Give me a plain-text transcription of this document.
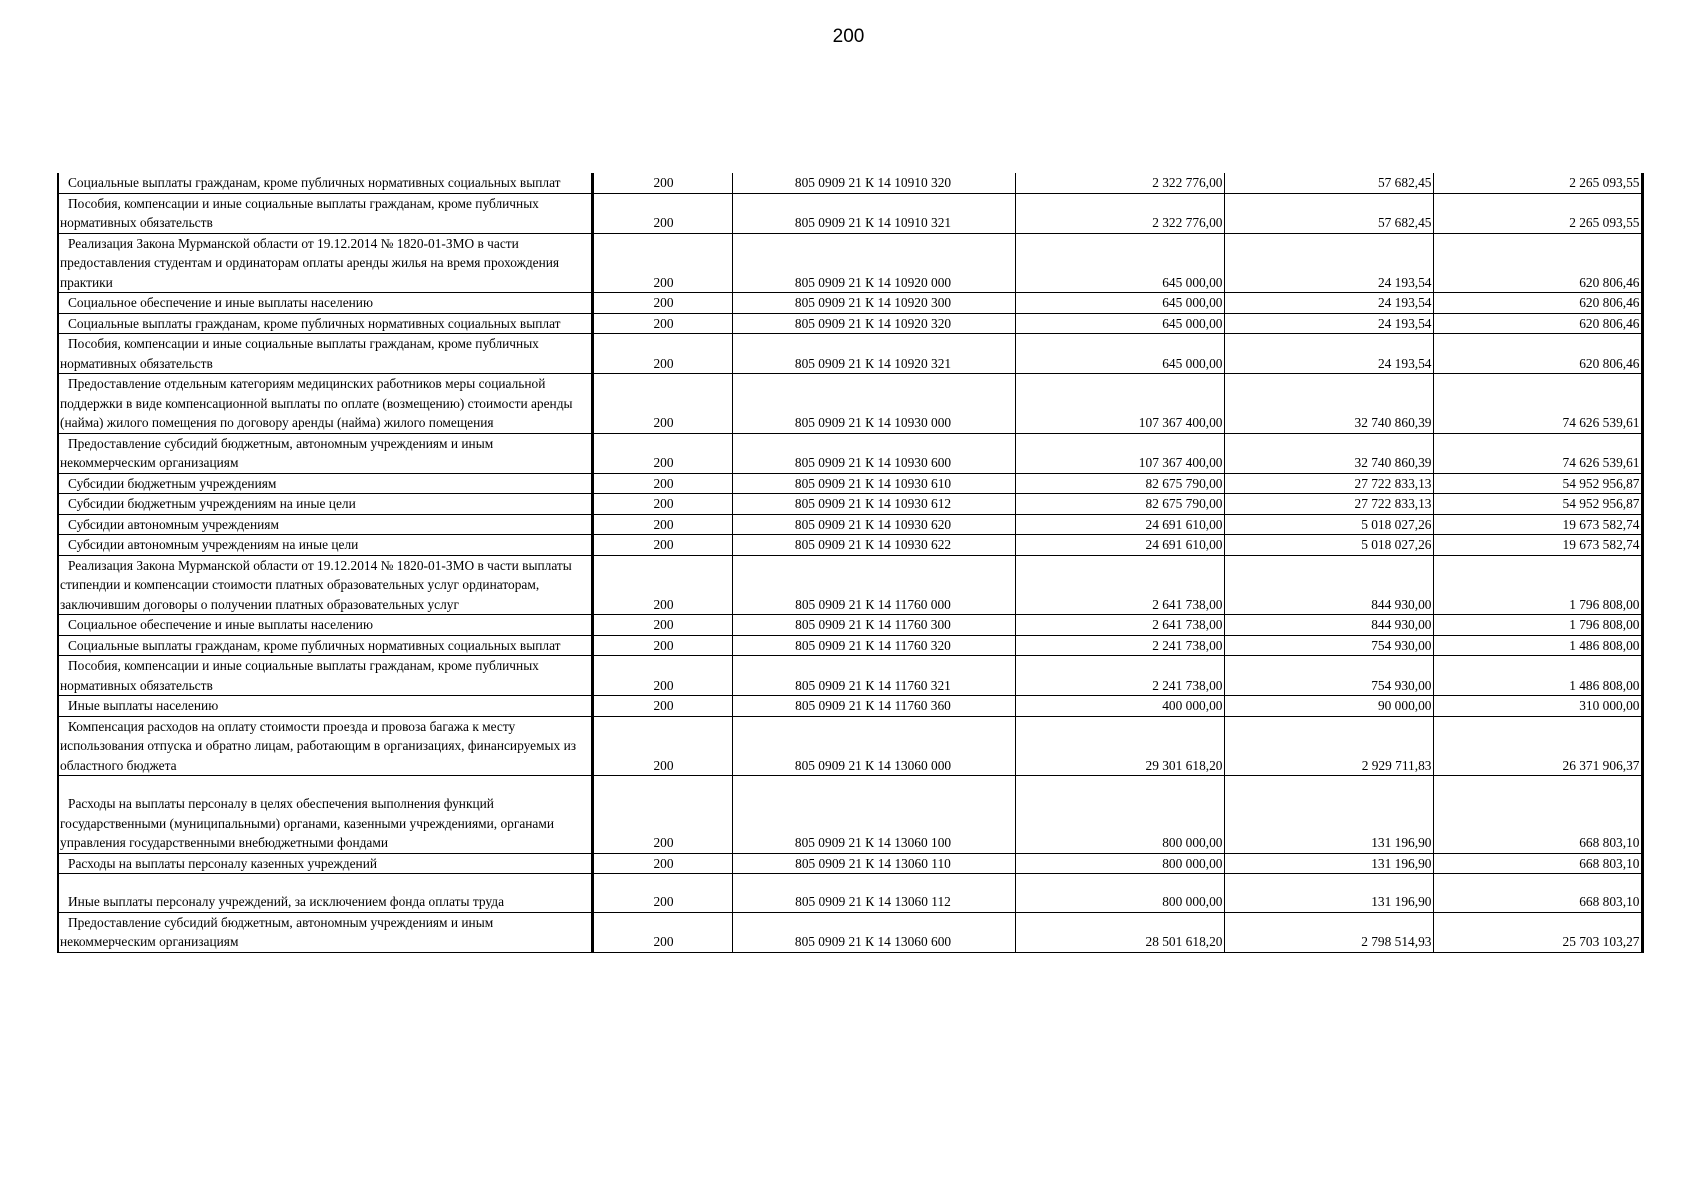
200
Социальные выплаты гражданам, кроме публичных нормативных социальных выплат	200	805 0909 21 К 14 10910 320	2 322 776,00	57 682,45	2 265 093,55
Пособия, компенсации и иные социальные выплаты гражданам, кроме публичных нормативных обязательств	200	805 0909 21 К 14 10910 321	2 322 776,00	57 682,45	2 265 093,55
Реализация Закона Мурманской области от 19.12.2014 № 1820-01-ЗМО в части предоставления студентам и ординаторам оплаты аренды жилья на время прохождения практики	200	805 0909 21 К 14 10920 000	645 000,00	24 193,54	620 806,46
Социальное обеспечение и иные выплаты населению	200	805 0909 21 К 14 10920 300	645 000,00	24 193,54	620 806,46
Социальные выплаты гражданам, кроме публичных нормативных социальных выплат	200	805 0909 21 К 14 10920 320	645 000,00	24 193,54	620 806,46
Пособия, компенсации и иные социальные выплаты гражданам, кроме публичных нормативных обязательств	200	805 0909 21 К 14 10920 321	645 000,00	24 193,54	620 806,46
Предоставление отдельным категориям медицинских работников меры социальной поддержки в виде компенсационной выплаты по оплате (возмещению) стоимости аренды (найма) жилого помещения по договору аренды (найма) жилого помещения	200	805 0909 21 К 14 10930 000	107 367 400,00	32 740 860,39	74 626 539,61
Предоставление субсидий бюджетным, автономным учреждениям и иным некоммерческим организациям	200	805 0909 21 К 14 10930 600	107 367 400,00	32 740 860,39	74 626 539,61
Субсидии бюджетным учреждениям	200	805 0909 21 К 14 10930 610	82 675 790,00	27 722 833,13	54 952 956,87
Субсидии бюджетным учреждениям на иные цели	200	805 0909 21 К 14 10930 612	82 675 790,00	27 722 833,13	54 952 956,87
Субсидии автономным учреждениям	200	805 0909 21 К 14 10930 620	24 691 610,00	5 018 027,26	19 673 582,74
Субсидии автономным учреждениям на иные цели	200	805 0909 21 К 14 10930 622	24 691 610,00	5 018 027,26	19 673 582,74
Реализация Закона Мурманской области от 19.12.2014 № 1820-01-ЗМО в части выплаты стипендии и компенсации стоимости платных образовательных услуг ординаторам, заключившим договоры о получении платных образовательных услуг	200	805 0909 21 К 14 11760 000	2 641 738,00	844 930,00	1 796 808,00
Социальное обеспечение и иные выплаты населению	200	805 0909 21 К 14 11760 300	2 641 738,00	844 930,00	1 796 808,00
Социальные выплаты гражданам, кроме публичных нормативных социальных выплат	200	805 0909 21 К 14 11760 320	2 241 738,00	754 930,00	1 486 808,00
Пособия, компенсации и иные социальные выплаты гражданам, кроме публичных нормативных обязательств	200	805 0909 21 К 14 11760 321	2 241 738,00	754 930,00	1 486 808,00
Иные выплаты населению	200	805 0909 21 К 14 11760 360	400 000,00	90 000,00	310 000,00
Компенсация расходов на оплату стоимости проезда и провоза багажа к месту использования отпуска и обратно лицам, работающим в организациях, финансируемых из областного бюджета	200	805 0909 21 К 14 13060 000	29 301 618,20	2 929 711,83	26 371 906,37
Расходы на выплаты персоналу в целях обеспечения выполнения функций государственными (муниципальными) органами, казенными учреждениями, органами управления государственными внебюджетными фондами	200	805 0909 21 К 14 13060 100	800 000,00	131 196,90	668 803,10
Расходы на выплаты персоналу казенных учреждений	200	805 0909 21 К 14 13060 110	800 000,00	131 196,90	668 803,10
Иные выплаты персоналу учреждений, за исключением фонда оплаты труда	200	805 0909 21 К 14 13060 112	800 000,00	131 196,90	668 803,10
Предоставление субсидий бюджетным, автономным учреждениям и иным некоммерческим организациям	200	805 0909 21 К 14 13060 600	28 501 618,20	2 798 514,93	25 703 103,27
